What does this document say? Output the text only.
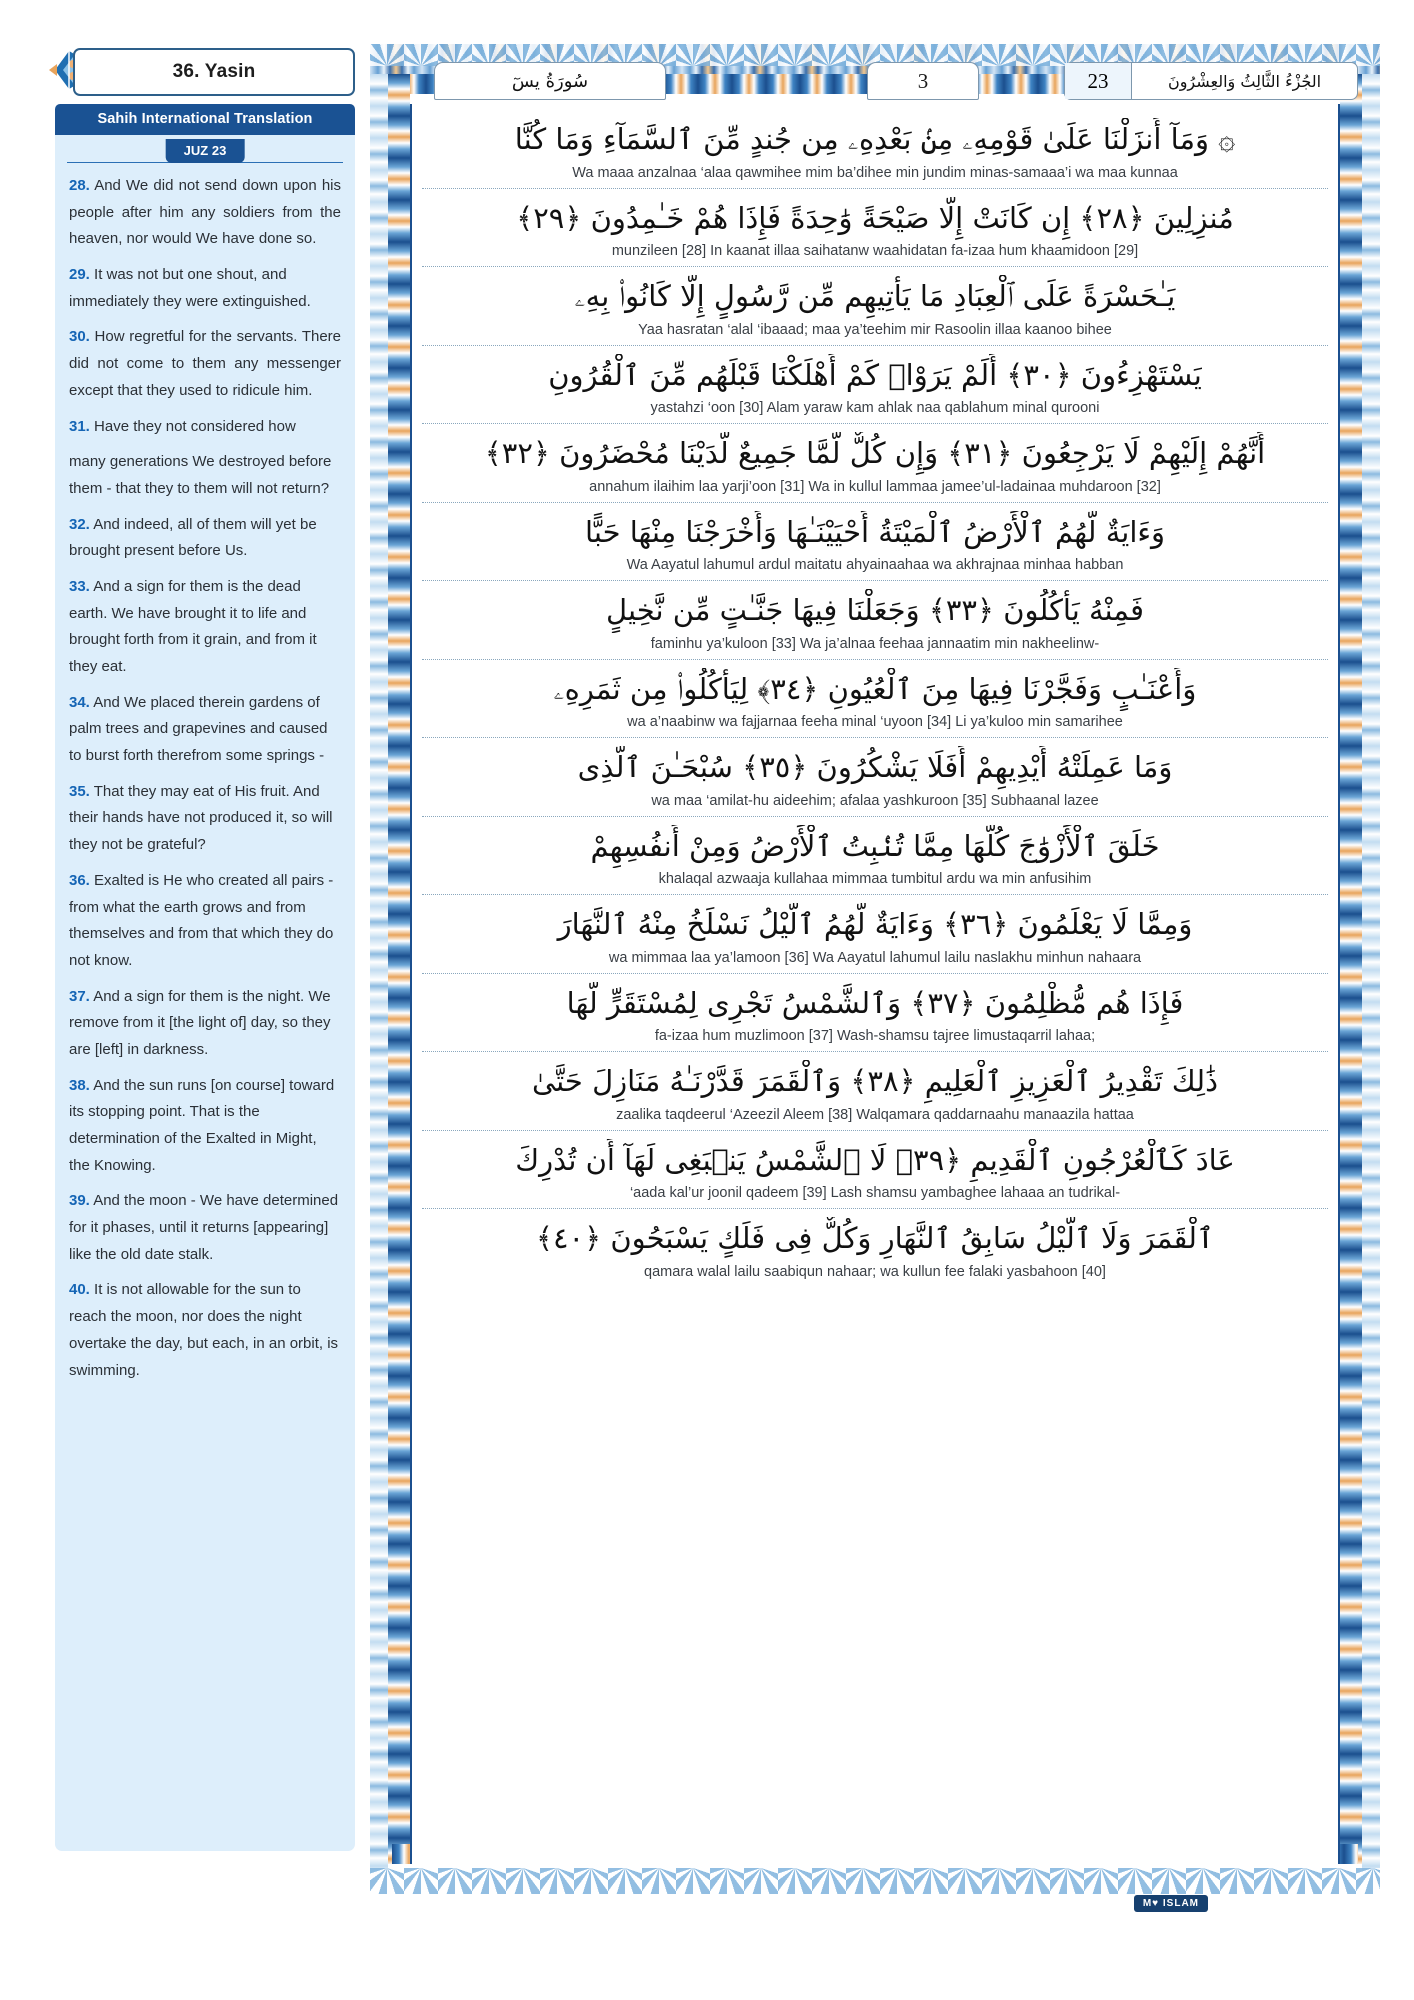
36. Yasin
Sahih International Translation
JUZ 23

28. And We did not send down upon his people after him any soldiers from the heaven, nor would We have done so.

29. It was not but one shout, and immediately they were extinguished.

30. How regretful for the servants. There did not come to them any messenger except that they used to ridicule him.

31. Have they not considered how

many generations We destroyed before them - that they to them will not return?

32. And indeed, all of them will yet be brought present before Us.

33. And a sign for them is the dead earth. We have brought it to life and brought forth from it grain, and from it they eat.

34. And We placed therein gardens of palm trees and grapevines and caused to burst forth therefrom some springs -

35. That they may eat of His fruit. And their hands have not produced it, so will they not be grateful?

36. Exalted is He who created all pairs - from what the earth grows and from themselves and from that which they do not know.

37. And a sign for them is the night. We remove from it [the light of] day, so they are [left] in darkness.

38. And the sun runs [on course] toward its stopping point. That is the determination of the Exalted in Might, the Knowing.

39. And the moon - We have determined for it phases, until it returns [appearing] like the old date stalk.

40. It is not allowable for the sun to reach the moon, nor does the night overtake the day, but each, in an orbit, is swimming.

سُورَةُ يسٓ	3	23	الجُزْءُ الثَّالِثُ وَالعِشْرُونَ
۞ وَمَآ أَنزَلْنَا عَلَىٰ قَوْمِهِۦ مِنۢ بَعْدِهِۦ مِن جُندٍ مِّنَ ٱلسَّمَآءِ وَمَا كُنَّا
Wa maaa anzalnaa ‘alaa qawmihee mim ba’dihee min jundim minas-samaaa’i wa maa kunnaa
مُنزِلِينَ ﴿٢٨﴾ إِن كَانَتْ إِلَّا صَيْحَةً وَٰحِدَةً فَإِذَا هُمْ خَـٰمِدُونَ ﴿٢٩﴾
munzileen [28] In kaanat illaa saihatanw waahidatan fa-izaa hum khaamidoon [29]
يَـٰحَسْرَةً عَلَى ٱلْعِبَادِ مَا يَأْتِيهِم مِّن رَّسُولٍ إِلَّا كَانُوا۟ بِهِۦ
Yaa hasratan ‘alal ‘ibaaad; maa ya’teehim mir Rasoolin illaa kaanoo bihee
يَسْتَهْزِءُونَ ﴿٣٠﴾ أَلَمْ يَرَوْا۟ كَمْ أَهْلَكْنَا قَبْلَهُم مِّنَ ٱلْقُرُونِ
yastahzi ‘oon [30] Alam yaraw kam ahlak naa qablahum minal quroonі
أَنَّهُمْ إِلَيْهِمْ لَا يَرْجِعُونَ ﴿٣١﴾ وَإِن كُلٌّ لَّمَّا جَمِيعٌ لَّدَيْنَا مُحْضَرُونَ ﴿٣٢﴾
annahum ilaihim laa yarji’oon [31] Wa in kullul lammaa jamee’ul-ladainaa muhdaroon [32]
وَءَايَةٌ لَّهُمُ ٱلْأَرْضُ ٱلْمَيْتَةُ أَحْيَيْنَـٰهَا وَأَخْرَجْنَا مِنْهَا حَبًّا
Wa Aayatul lahumul ardul maitatu ahyainaahaa wa akhrajnaa minhaa habban
فَمِنْهُ يَأْكُلُونَ ﴿٣٣﴾ وَجَعَلْنَا فِيهَا جَنَّـٰتٍ مِّن نَّخِيلٍ
faminhu ya’kuloon [33] Wa ja’alnaa feehaa jannaatim min nakheelinw-
وَأَعْنَـٰبٍ وَفَجَّرْنَا فِيهَا مِنَ ٱلْعُيُونِ ﴿٣٤﴾ لِيَأْكُلُوا۟ مِن ثَمَرِهِۦ
wa a’naabinw wa fajjarnaa feeha minal ‘uyoon [34] Li ya’kuloo min samarihee
وَمَا عَمِلَتْهُ أَيْدِيهِمْ أَفَلَا يَشْكُرُونَ ﴿٣٥﴾ سُبْحَـٰنَ ٱلَّذِى
wa maa ‘amilat-hu aideehim; afalaa yashkuroon [35] Subhaanal lazee
خَلَقَ ٱلْأَزْوَٰجَ كُلَّهَا مِمَّا تُنۢبِتُ ٱلْأَرْضُ وَمِنْ أَنفُسِهِمْ
khalaqal azwaaja kullahaa mimmaa tumbitul ardu wa min anfusihim
وَمِمَّا لَا يَعْلَمُونَ ﴿٣٦﴾ وَءَايَةٌ لَّهُمُ ٱلَّيْلُ نَسْلَخُ مِنْهُ ٱلنَّهَارَ
wa mimmaa laa ya’lamoon [36] Wa Aayatul lahumul lailu naslakhu minhun nahaara
فَإِذَا هُم مُّظْلِمُونَ ﴿٣٧﴾ وَٱلشَّمْسُ تَجْرِى لِمُسْتَقَرٍّ لَّهَا
fa-izaa hum muzlimoon [37] Wash-shamsu tajree limustaqarril lahaa;
ذَٰلِكَ تَقْدِيرُ ٱلْعَزِيزِ ٱلْعَلِيمِ ﴿٣٨﴾ وَٱلْقَمَرَ قَدَّرْنَـٰهُ مَنَازِلَ حَتَّىٰ
zaalika taqdeerul ‘Azeezil Aleem [38] Walqamara qaddarnaahu manaazila hattaa
عَادَ كَٱلْعُرْجُونِ ٱلْقَدِيمِ ﴿٣٩﴾ لَا ٱلشَّمْسُ يَنۢبَغِى لَهَآ أَن تُدْرِكَ
‘aada kal’ur joonil qadeem [39] Lash shamsu yambaghee lahaaa an tudrikal-
ٱلْقَمَرَ وَلَا ٱلَّيْلُ سَابِقُ ٱلنَّهَارِ وَكُلٌّ فِى فَلَكٍ يَسْبَحُونَ ﴿٤٠﴾
qamara walal lailu saabiqun nahaar; wa kullun fee falaki yasbahoon [40]
M♥ ISLAM
